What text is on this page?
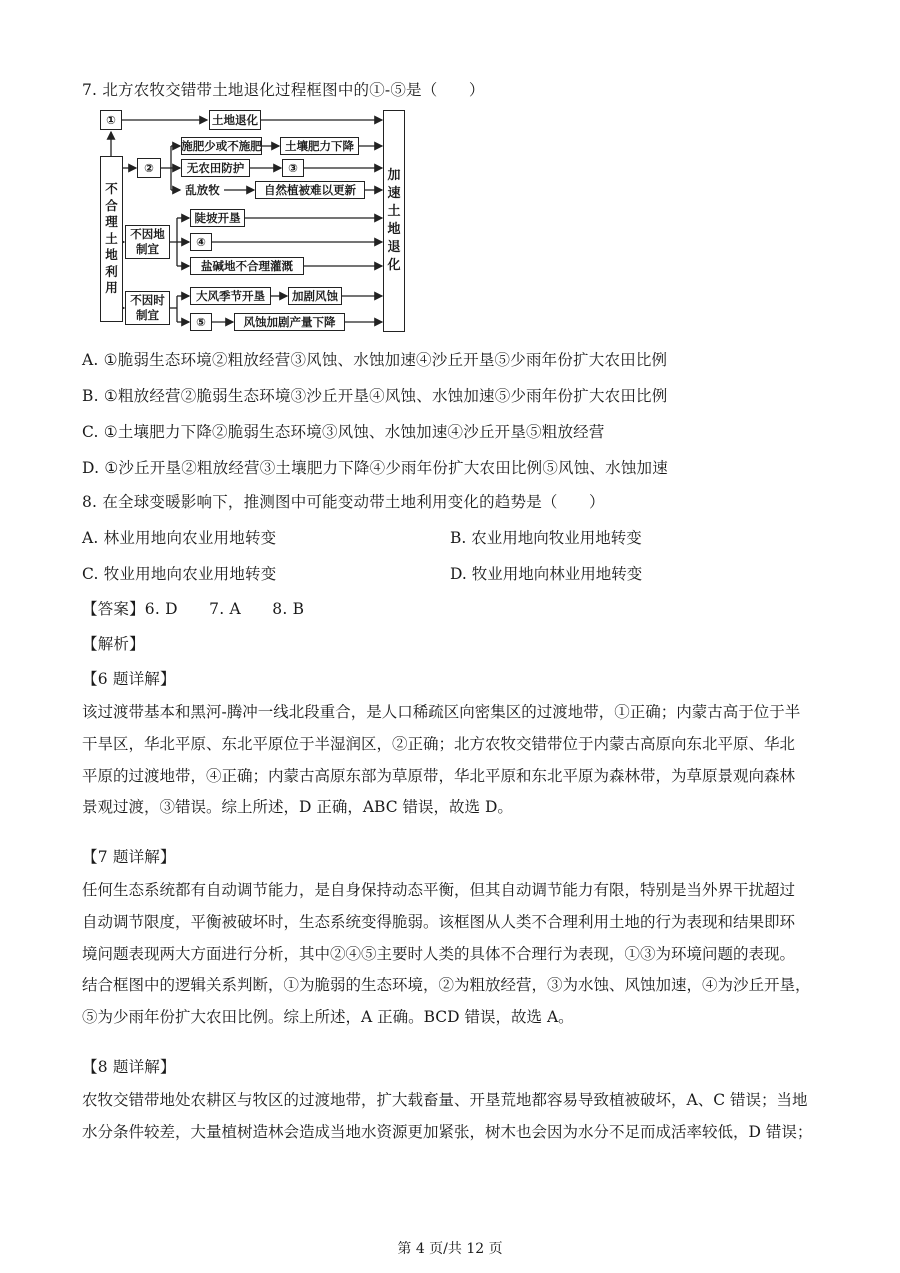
7. 北方农牧交错带土地退化过程框图中的①-⑤是（　　）
①	土地退化
不
合
理
土
地
利
用
②
施肥少或不施肥	土壤肥力下降
无农田防护	③
乱放牧	自然植被难以更新
不因地
制宜
陡坡开垦
④
盐碱地不合理灌溉
不因时
制宜
大风季节开垦	加剧风蚀
⑤	风蚀加剧产量下降
加
速
土
地
退
化
A. ①脆弱生态环境②粗放经营③风蚀、水蚀加速④沙丘开垦⑤少雨年份扩大农田比例
B. ①粗放经营②脆弱生态环境③沙丘开垦④风蚀、水蚀加速⑤少雨年份扩大农田比例
C. ①土壤肥力下降②脆弱生态环境③风蚀、水蚀加速④沙丘开垦⑤粗放经营
D. ①沙丘开垦②粗放经营③土壤肥力下降④少雨年份扩大农田比例⑤风蚀、水蚀加速
8. 在全球变暖影响下，推测图中可能变动带土地利用变化的趋势是（　　）
A. 林业用地向农业用地转变	B. 农业用地向牧业用地转变
C. 牧业用地向农业用地转变	D. 牧业用地向林业用地转变
【答案】6. D　　7. A　　8. B
【解析】
【6 题详解】
该过渡带基本和黑河-腾冲一线北段重合，是人口稀疏区向密集区的过渡地带，①正确；内蒙古高于位于半
干旱区，华北平原、东北平原位于半湿润区，②正确；北方农牧交错带位于内蒙古高原向东北平原、华北
平原的过渡地带，④正确；内蒙古高原东部为草原带，华北平原和东北平原为森林带，为草原景观向森林
景观过渡，③错误。综上所述，D 正确，ABC 错误，故选 D。
【7 题详解】
任何生态系统都有自动调节能力，是自身保持动态平衡，但其自动调节能力有限，特别是当外界干扰超过
自动调节限度，平衡被破坏时，生态系统变得脆弱。该框图从人类不合理利用土地的行为表现和结果即环
境问题表现两大方面进行分析，其中②④⑤主要时人类的具体不合理行为表现，①③为环境问题的表现。
结合框图中的逻辑关系判断，①为脆弱的生态环境，②为粗放经营，③为水蚀、风蚀加速，④为沙丘开垦，
⑤为少雨年份扩大农田比例。综上所述，A 正确。BCD 错误，故选 A。
【8 题详解】
农牧交错带地处农耕区与牧区的过渡地带，扩大载畜量、开垦荒地都容易导致植被破坏，A、C 错误；当地
水分条件较差，大量植树造林会造成当地水资源更加紧张，树木也会因为水分不足而成活率较低，D 错误；
第 4 页/共 12 页
